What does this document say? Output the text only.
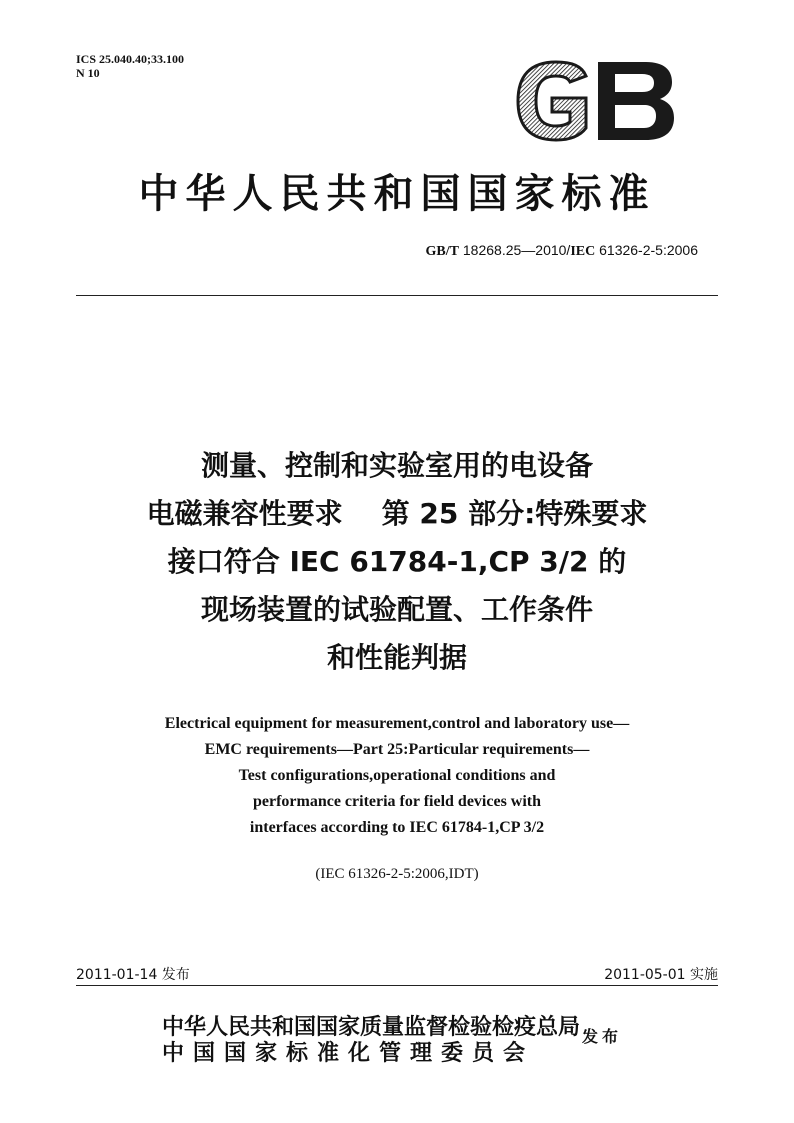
ICS 25.040.40;33.100
N 10
中华人民共和国国家标准
GB/T 18268.25—2010/IEC 61326-2-5:2006
测量、控制和实验室用的电设备
电磁兼容性要求    第 25 部分:特殊要求
接口符合 IEC 61784-1,CP 3/2 的
现场装置的试验配置、工作条件
和性能判据
Electrical equipment for measurement,control and laboratory use—
EMC requirements—Part 25:Particular requirements—
Test configurations,operational conditions and
performance criteria for field devices with
interfaces according to IEC 61784-1,CP 3/2
(IEC 61326-2-5:2006,IDT)
2011-01-14 发布	2011-05-01 实施
中华人民共和国国家质量监督检验检疫总局
中国国家标准化管理委员会
发布
